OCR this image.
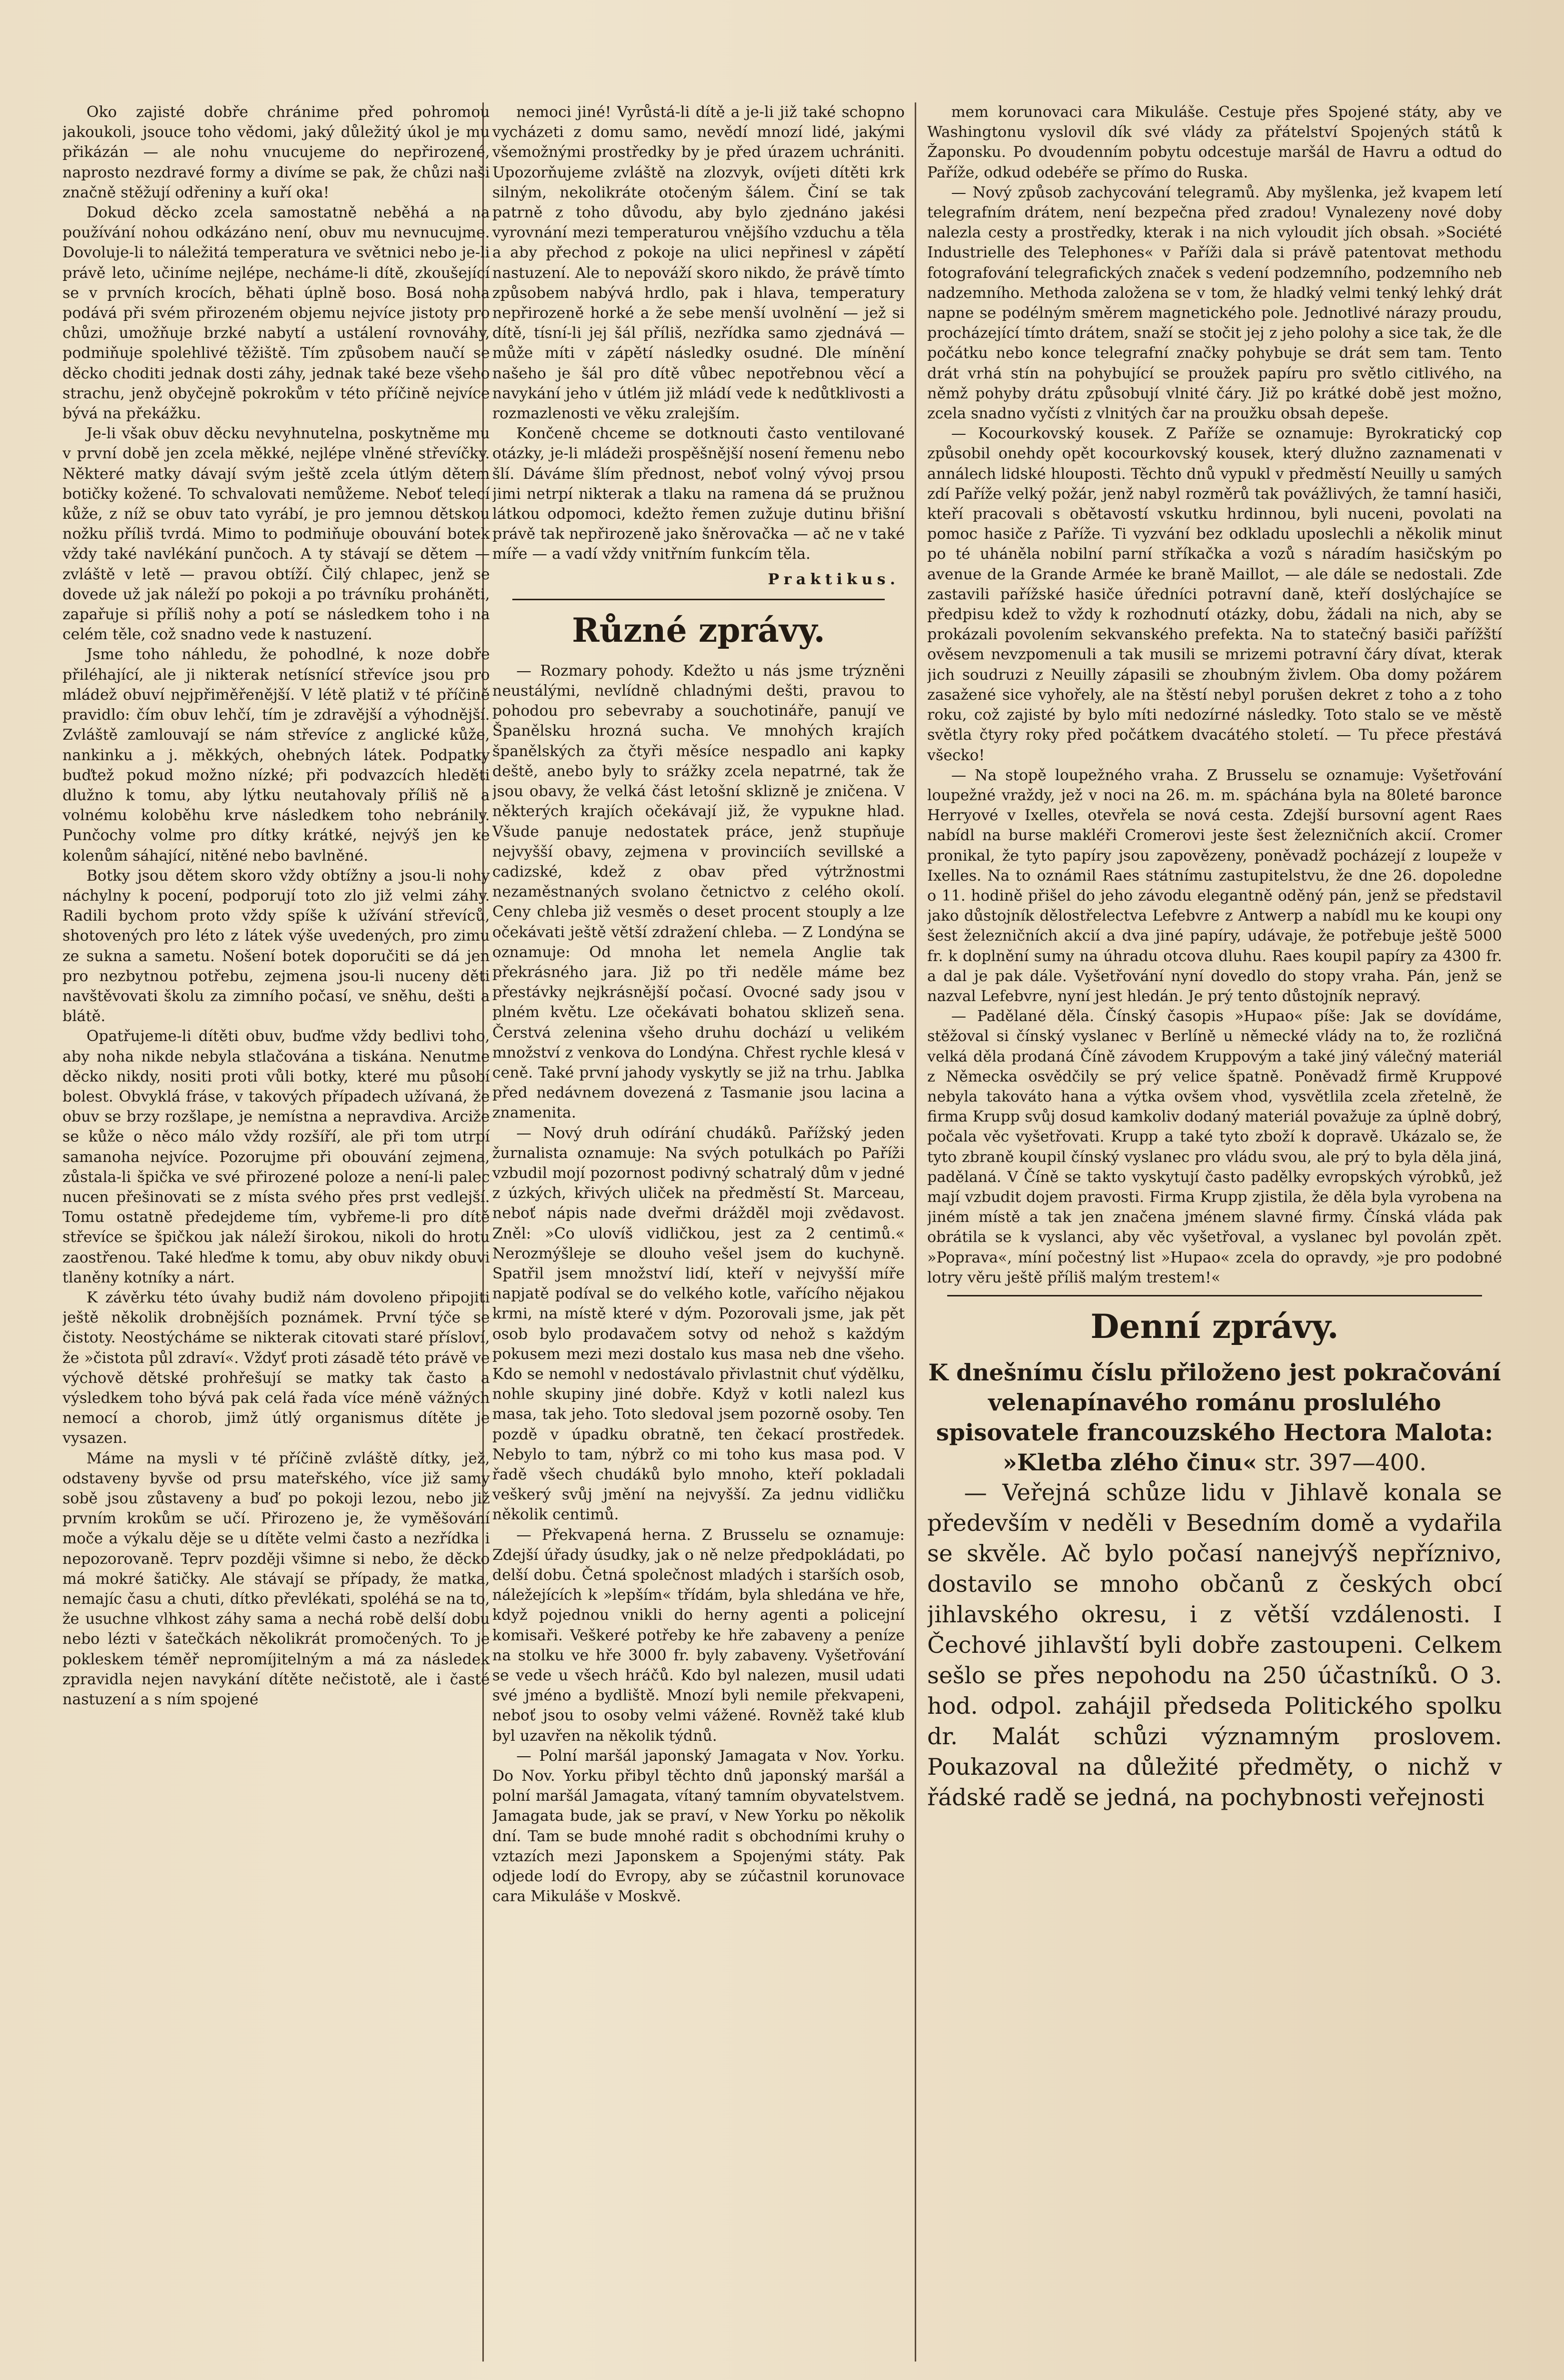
Oko zajisté dobře chránime před pohromou jakoukoli, jsouce toho vědomi, jaký důležitý úkol je mu přikázán — ale nohu vnucujeme do nepřirozené, naprosto nezdravé formy a divíme se pak, že chůzi naši značně stěžují odřeniny a kuří oka!

Dokud děcko zcela samostatně neběhá a na používání nohou odkázáno není, obuv mu nevnucujme. Dovoluje-li to náležitá temperatura ve světnici nebo je-li právě leto, učiníme nejlépe, necháme-li dítě, zkoušející se v prvních krocích, běhati úplně boso. Bosá noha podává při svém přirozeném objemu nejvíce jistoty pro chůzi, umožňuje brzké nabytí a ustálení rovnováhy, podmiňuje spolehlivé těžiště. Tím způsobem naučí se děcko choditi jednak dosti záhy, jednak také beze všeho strachu, jenž obyčejně pokrokům v této příčině nejvíce bývá na překážku.

Je-li však obuv děcku nevyhnutelna, poskytněme mu v první době jen zcela měkké, nejlépe vlněné střevíčky. Některé matky dávají svým ještě zcela útlým dětem botičky kožené. To schvalovati nemůžeme. Neboť telecí kůže, z níž se obuv tato vyrábí, je pro jemnou dětskou nožku příliš tvrdá. Mimo to podmiňuje obouvání botek vždy také navlékání punčoch. A ty stávají se dětem — zvláště v letě — pravou obtíží. Čilý chlapec, jenž se dovede už jak náleží po pokoji a po trávníku proháněti, zapařuje si příliš nohy a potí se následkem toho i na celém těle, což snadno vede k nastuzení.

Jsme toho náhledu, že pohodlné, k noze dobře přiléhající, ale ji nikterak netísnící střevíce jsou pro mládež obuví nejpřiměřenější. V létě platiž v té příčině pravidlo: čím obuv lehčí, tím je zdravější a výhodnější. Zvláště zamlouvají se nám střevíce z anglické kůže, nankinku a j. měkkých, ohebných látek. Podpatky buďtež pokud možno nízké; při podvazcích hleděti dlužno k tomu, aby lýtku neutahovaly příliš ně a volnému koloběhu krve následkem toho nebránily. Punčochy volme pro dítky krátké, nejvýš jen ke kolenům sáhající, nitěné nebo bavlněné.

Botky jsou dětem skoro vždy obtížny a jsou-li nohy náchylny k pocení, podporují toto zlo již velmi záhy. Radili bychom proto vždy spíše k užívání střevíců, shotovených pro léto z látek výše uvedených, pro zimu ze sukna a sametu. Nošení botek doporučiti se dá jen pro nezbytnou potřebu, zejmena jsou-li nuceny děti navštěvovati školu za zimního počasí, ve sněhu, dešti a blátě.

Opatřujeme-li dítěti obuv, buďme vždy bedlivi toho, aby noha nikde nebyla stlačována a tiskána. Nenutme děcko nikdy, nositi proti vůli botky, které mu působí bolest. Obvyklá fráse, v takových případech užívaná, že obuv se brzy rozšlape, je nemístna a nepravdiva. Arciže se kůže o něco málo vždy rozšíří, ale při tom utrpí samanoha nejvíce. Pozorujme při obouvání zejmena, zůstala-li špička ve své přirozené poloze a není-li palec nucen přešinovati se z místa svého přes prst vedlejší. Tomu ostatně předejdeme tím, vybřeme-li pro dítě střevíce se špičkou jak náleží širokou, nikoli do hrotu zaostřenou. Také hleďme k tomu, aby obuv nikdy obuvi tlaněny kotníky a nárt.

K závěrku této úvahy budiž nám dovoleno připojiti ještě několik drobnějších poznámek. První týče se čistoty. Neostýcháme se nikterak citovati staré přísloví, že »čistota půl zdraví«. Vždyť proti zásadě této právě ve výchově dětské prohřešují se matky tak často a výsledkem toho bývá pak celá řada více méně vážných nemocí a chorob, jimž útlý organismus dítěte je vysazen.

Máme na mysli v té příčině zvláště dítky, jež, odstaveny byvše od prsu mateřského, více již samy sobě jsou zůstaveny a buď po pokoji lezou, nebo již prvním krokům se učí. Přirozeno je, že vyměšování moče a výkalu děje se u dítěte velmi často a nezřídka i nepozorovaně. Teprv později všimne si nebo, že děcko má mokré šatičky. Ale stávají se případy, že matka, nemajíc času a chuti, dítko převlékati, spoléhá se na to, že usuchne vlhkost záhy sama a nechá robě delší dobu nebo lézti v šatečkách několikrát promočených. To je pokleskem téměř nepromíjitelným a má za následek zpravidla nejen navykání dítěte nečistotě, ale i časté nastuzení a s ním spojené

nemoci jiné! Vyrůstá-li dítě a je-li již také schopno vycházeti z domu samo, nevědí mnozí lidé, jakými všemožnými prostředky by je před úrazem uchrániti. Upozorňujeme zvláště na zlozvyk, ovíjeti dítěti krk silným, nekolikráte otočeným šálem. Činí se tak patrně z toho důvodu, aby bylo zjednáno jakési vyrovnání mezi temperaturou vnějšího vzduchu a těla a aby přechod z pokoje na ulici nepřinesl v zápětí nastuzení. Ale to nepováží skoro nikdo, že právě tímto způsobem nabývá hrdlo, pak i hlava, temperatury nepřirozeně horké a že sebe menší uvolnění — jež si dítě, tísní-li jej šál příliš, nezřídka samo zjednává — může míti v zápětí následky osudné. Dle mínění našeho je šál pro dítě vůbec nepotřebnou věcí a navykání jeho v útlém již mládí vede k nedůtklivosti a rozmazlenosti ve věku zralejším.

Končeně chceme se dotknouti často ventilované otázky, je-li mládeži prospěšnější nosení řemenu nebo šlí. Dáváme šlím přednost, neboť volný vývoj prsou jimi netrpí nikterak a tlaku na ramena dá se pružnou látkou odpomoci, kdežto řemen zužuje dutinu břišní právě tak nepřirozeně jako šněrovačka — ač ne v také míře — a vadí vždy vnitřním funkcím těla.

Praktikus.

Různé zprávy.

— Rozmary pohody. Kdežto u nás jsme trýzněni neustálými, nevlídně chladnými dešti, pravou to pohodou pro sebevraby a souchotináře, panují ve Španělsku hrozná sucha. Ve mnohých krajích španělských za čtyři měsíce nespadlo ani kapky deště, anebo byly to srážky zcela nepatrné, tak že jsou obavy, že velká část letošní sklizně je zničena. V některých krajích očekávají již, že vypukne hlad. Všude panuje nedostatek práce, jenž stupňuje nejvyšší obavy, zejmena v provinciích sevillské a cadizské, kdež z obav před výtržnostmi nezaměstnaných svolano četnictvo z celého okolí. Ceny chleba již vesměs o deset procent stouply a lze očekávati ještě větší zdražení chleba. — Z Londýna se oznamuje: Od mnoha let nemela Anglie tak překrásného jara. Již po tři neděle máme bez přestávky nejkrásnější počasí. Ovocné sady jsou v plném květu. Lze očekávati bohatou sklizeň sena. Čerstvá zelenina všeho druhu dochází u velikém množství z venkova do Londýna. Chřest rychle klesá v ceně. Také první jahody vyskytly se již na trhu. Jablka před nedávnem dovezená z Tasmanie jsou lacina a znamenita.

— Nový druh odírání chudáků. Pařížský jeden žurnalista oznamuje: Na svých potulkách po Paříži vzbudil mojí pozornost podivný schatralý dům v jedné z úzkých, křivých uliček na předměstí St. Marceau, neboť nápis nade dveřmi drážděl moji zvědavost. Zněl: »Co ulovíš vidličkou, jest za 2 centimů.« Nerozmýšleje se dlouho vešel jsem do kuchyně. Spatřil jsem množství lidí, kteří v nejvyšší míře napjatě podíval se do velkého kotle, vařícího nějakou krmi, na místě které v dým. Pozorovali jsme, jak pět osob bylo prodavačem sotvy od nehož s každým pokusem mezi mezi dostalo kus masa neb dne všeho. Kdo se nemohl v nedostávalo přivlastnit chuť výdělku, nohle skupiny jiné dobře. Když v kotli nalezl kus masa, tak jeho. Toto sledoval jsem pozorně osoby. Ten pozdě v úpadku obratně, ten čekací prostředek. Nebylo to tam, nýbrž co mi toho kus masa pod. V řadě všech chudáků bylo mnoho, kteří pokladali veškerý svůj jmění na nejvyšší. Za jednu vidličku několik centimů.

— Překvapená herna. Z Brusselu se oznamuje: Zdejší úřady úsudky, jak o ně nelze předpokládati, po delší dobu. Četná společnost mladých i starších osob, náležejících k »lepším« třídám, byla shledána ve hře, když pojednou vnikli do herny agenti a policejní komisaři. Veškeré potřeby ke hře zabaveny a peníze na stolku ve hře 3000 fr. byly zabaveny. Vyšetřování se vede u všech hráčů. Kdo byl nalezen, musil udati své jméno a bydliště. Mnozí byli nemile překvapeni, neboť jsou to osoby velmi vážené. Rovněž také klub byl uzavřen na několik týdnů.

— Polní maršál japonský Jamagata v Nov. Yorku. Do Nov. Yorku přibyl těchto dnů japonský maršál a polní maršál Jamagata, vítaný tamním obyvatelstvem. Jamagata bude, jak se praví, v New Yorku po několik dní. Tam se bude mnohé radit s obchodními kruhy o vztazích mezi Japonskem a Spojenými státy. Pak odjede lodí do Evropy, aby se zúčastnil korunovace cara Mikuláše v Moskvě.

mem korunovaci cara Mikuláše. Cestuje přes Spojené státy, aby ve Washingtonu vyslovil dík své vlády za přátelství Spojených států k Žaponsku. Po dvoudenním pobytu odcestuje maršál de Havru a odtud do Paříže, odkud odebéře se přímo do Ruska.

— Nový způsob zachycování telegramů. Aby myšlenka, jež kvapem letí telegrafním drátem, není bezpečna před zradou! Vynalezeny nové doby nalezla cesty a prostředky, kterak i na nich vyloudit jích obsah. »Société Industrielle des Telephones« v Paříži dala si právě patentovat methodu fotografování telegrafických značek s vedení podzemního, podzemního neb nadzemního. Methoda založena se v tom, že hladký velmi tenký lehký drát napne se podélným směrem magnetického pole. Jednotlivé nárazy proudu, procházející tímto drátem, snaží se stočit jej z jeho polohy a sice tak, že dle počátku nebo konce telegrafní značky pohybuje se drát sem tam. Tento drát vrhá stín na pohybující se proužek papíru pro světlo citlivého, na němž pohyby drátu způsobují vlnité čáry. Již po krátké době jest možno, zcela snadno vyčísti z vlnitých čar na proužku obsah depeše.

— Kocourkovský kousek. Z Paříže se oznamuje: Byrokratický cop způsobil onehdy opět kocourkovský kousek, který dlužno zaznamenati v annálech lidské hlouposti. Těchto dnů vypukl v předměstí Neuilly u samých zdí Paříže velký požár, jenž nabyl rozměrů tak povážlivých, že tamní hasiči, kteří pracovali s obětavostí vskutku hrdinnou, byli nuceni, povolati na pomoc hasiče z Paříže. Ti vyzvání bez odkladu uposlechli a několik minut po té uháněla nobilní parní stříkačka a vozů s náradím hasičským po avenue de la Grande Armée ke braně Maillot, — ale dále se nedostali. Zde zastavili pařížské hasiče úředníci potravní daně, kteří doslýchajíce se předpisu kdež to vždy k rozhodnutí otázky, dobu, žádali na nich, aby se prokázali povolením sekvanského prefekta. Na to statečný basiči pařížští ověsem nevzpomenuli a tak musili se mrizemi potravní čáry dívat, kterak jich soudruzi z Neuilly zápasili se zhoubným živlem. Oba domy požárem zasažené sice vyhořely, ale na štěstí nebyl porušen dekret z toho a z toho roku, což zajisté by bylo míti nedozírné následky. Toto stalo se ve městě světla čtyry roky před počátkem dvacátého století. — Tu přece přestává všecko!

— Na stopě loupežného vraha. Z Brusselu se oznamuje: Vyšetřování loupežné vraždy, jež v noci na 26. m. m. spáchána byla na 80leté baronce Herryové v Ixelles, otevřela se nová cesta. Zdejší bursovní agent Raes nabídl na burse makléři Cromerovi jeste šest železničních akcií. Cromer pronikal, že tyto papíry jsou zapovězeny, poněvadž pocházejí z loupeže v Ixelles. Na to oznámil Raes státnímu zastupitelstvu, že dne 26. dopoledne o 11. hodině přišel do jeho závodu elegantně oděný pán, jenž se představil jako důstojník dělostřelectva Lefebvre z Antwerp a nabídl mu ke koupi ony šest železničních akcií a dva jiné papíry, udávaje, že potřebuje ještě 5000 fr. k doplnění sumy na úhradu otcova dluhu. Raes koupil papíry za 4300 fr. a dal je pak dále. Vyšetřování nyní dovedlo do stopy vraha. Pán, jenž se nazval Lefebvre, nyní jest hledán. Je prý tento důstojník nepravý.

— Padělané děla. Čínský časopis »Hupao« píše: Jak se dovídáme, stěžoval si čínský vyslanec v Berlíně u německé vlády na to, že rozličná velká děla prodaná Číně závodem Kruppovým a také jiný válečný materiál z Německa osvědčily se prý velice špatně. Poněvadž firmě Kruppové nebyla takováto hana a výtka ovšem vhod, vysvětlila zcela zřetelně, že firma Krupp svůj dosud kamkoliv dodaný materiál považuje za úplně dobrý, počala věc vyšetřovati. Krupp a také tyto zboží k dopravě. Ukázalo se, že tyto zbraně koupil čínský vyslanec pro vládu svou, ale prý to byla děla jiná, padělaná. V Číně se takto vyskytují často padělky evropských výrobků, jež mají vzbudit dojem pravosti. Firma Krupp zjistila, že děla byla vyrobena na jiném místě a tak jen značena jménem slavné firmy. Čínská vláda pak obrátila se k vyslanci, aby věc vyšetřoval, a vyslanec byl povolán zpět. »Poprava«, míní počestný list »Hupao« zcela do opravdy, »je pro podobné lotry věru ještě příliš malým trestem!«

Denní zprávy.

K dnešnímu číslu přiloženo jest pokračování velenapínavého románu proslulého spisovatele francouzského Hectora Malota: »Kletba zlého činu« str. 397—400.

— Veřejná schůze lidu v Jihlavě konala se především v neděli v Besedním domě a vydařila se skvěle. Ač bylo počasí nanejvýš nepříznivo, dostavilo se mnoho občanů z českých obcí jihlavského okresu, i z větší vzdálenosti. I Čechové jihlavští byli dobře zastoupeni. Celkem sešlo se přes nepohodu na 250 účastníků. O 3. hod. odpol. zahájil předseda Politického spolku dr. Malát schůzi významným proslovem. Poukazoval na důležité předměty, o nichž v řádské radě se jedná, na pochybnosti veřejnosti
